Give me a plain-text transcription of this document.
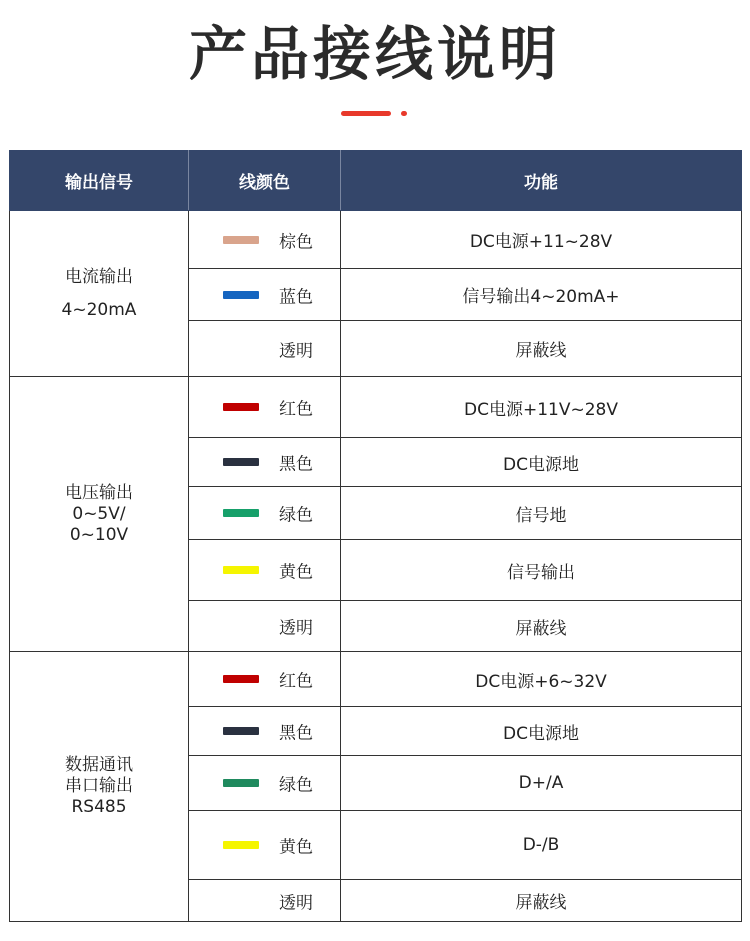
产品接线说明
输出信号	线颜色	功能

电流输出
4~20mA	棕色	DC电源+11~28V

	蓝色	信号输出4~20mA+

	透明	屏蔽线

电压输出
0~5V/
0~10V	红色	DC电源+11V~28V

	黑色	DC电源地

	绿色	信号地

	黄色	信号输出

	透明	屏蔽线

数据通讯
串口输出
RS485	红色	DC电源+6~32V

	黑色	DC电源地

	绿色	D+/A

	黄色	D-/B

	透明	屏蔽线
